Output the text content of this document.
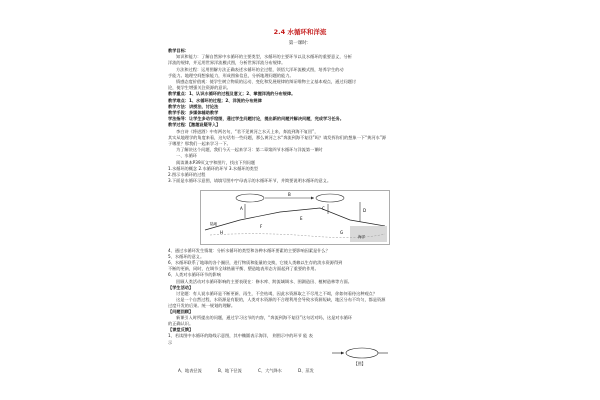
2.4 水循环和洋流
第一课时：
教学目标：
知识和能力：了解自然界中水循环的主要类型，水循环的主要环节以及水循环的重要意义，分析
洋流的规律，并运用世界洋流模式图，分析世界洋流分布规律。
方法和过程：运用图解方法正确表述水循环的全过程，领悟大洋环流模式图，培养学生的动
手能力。地理空间想象能力，形成图象信息，分析地理问题的能力。
情感态度价值观：使学生树立物质的运动、变化和发展规律的辩证唯物主义基本观点，通过问题讨
论，使学生增强关注资源的意识。
教学重点：1、认识水循环的过程及意义；2、掌握洋流的分布规律。
教学难点：1、水循环的过程；2、洋流的分布规律
教学方法：讲授法、讨论法
教学手段：多媒体辅助教学
学法指导：让学生多动手绘图，通过学生问题讨论，提出新的问题并解决问题，完成学习任务。
教学过程：【激趣设疑导入】
李白诗《将进酒》中有两名句，“君不见黄河之水天上来，奔流到海不复回”，
其实从地理学的角度来看，这句话有一些问题，那么黄河之水“奔流到海不复回”吗？请发挥你们的想象一下“黄河水”源
于哪里？那我们一起来学习一下。
为了解决这个问题，我们今天一起来学习：第二章第四节水循环与洋流第一课时
一、水循环
阅读课本P39页文字和图片，找出下列问题
1.水循环的概念 2.水循环的环节 3.水循环的类型
2.图示水循环的过程
3.下面是水循环示意图，请填写图中字母表示的水循环环节，并简要说明水循环的意义。
A
B
C	D
E
F
G
H
海洋
陆地
4、通过水循环发生情境：分析水循环的类型和各种水循环要素的主要影响因素是什么？
5、水循环的意义。
6、水循环联系了地球的各个圈层，进行物质和能量的交换，它使人类赖以生存的淡水资源得到
不断的更新，同时，在调节全球热量平衡、塑造地表形态方面起到了重要的作用。
6、人类对水循环环节的影响
回顾人类活动对水循环影响的主要表现在：修水库、跨流域调水、围湖造田、植树造林等方面。
【学生活动】
讨论题：有人说水循环是不断更新、再生，不会枯竭，因此水资源取之不尽用之不竭，你如何看待这种观点？
这是一个自然过程，水资源是有限的，人类对水资源的不合理利用会导致水资源短缺，地区分布不均匀，都是资源
过度开发的后果。统一规划的理解。
【问题回顾】
新课引入时所提出的问题，通过学习这节的内容，“奔流到海不复回”这句话对吗，这是对水循环
的正确认识。
【课堂反馈】
1、若读图中水循环的路线示意图，其中椭圆表示海洋， 则图示中的环节 能 表
示
【图】
A、地表径流	B、地下径流	C、大气降水	D、蒸发
